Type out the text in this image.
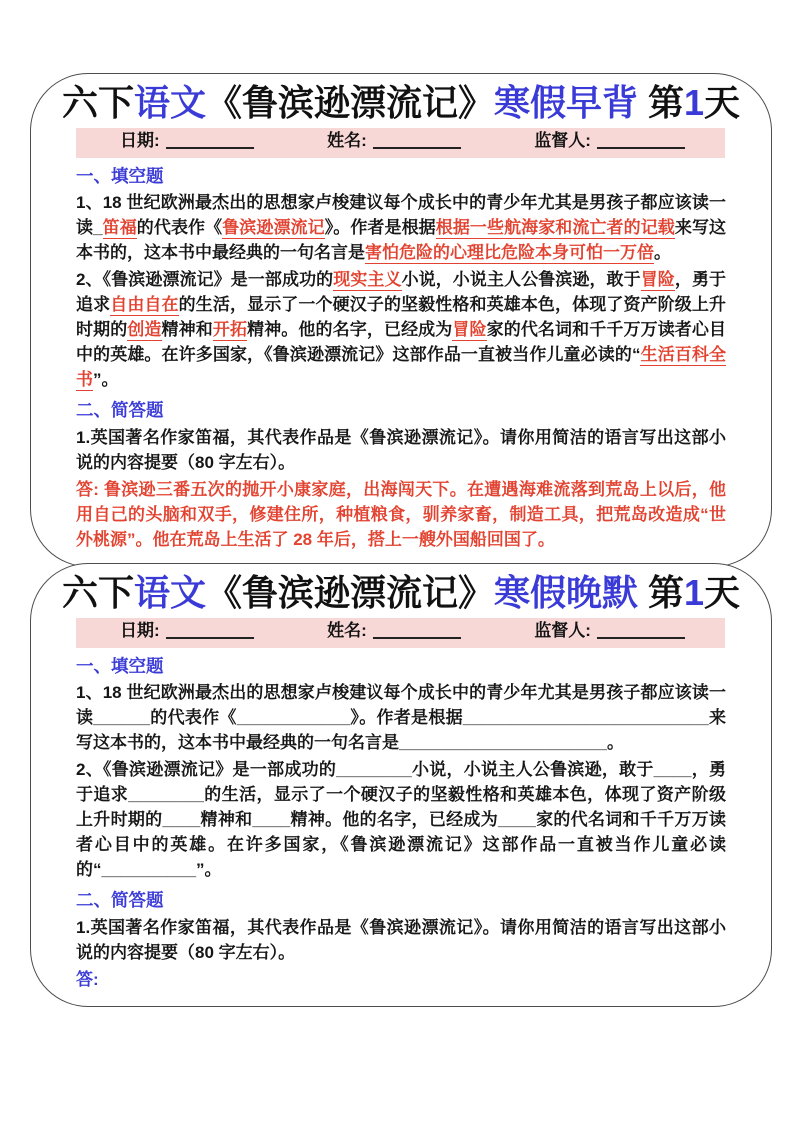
六下语文《鲁滨逊漂流记》寒假早背 第1天
日期:	姓名:	监督人:
一、填空题

1、18 世纪欧洲最杰出的思想家卢梭建议每个成长中的青少年尤其是男孩子都应该读一读_笛福的代表作《鲁滨逊漂流记》。作者是根据根据一些航海家和流亡者的记载来写这本书的，这本书中最经典的一句名言是害怕危险的心理比危险本身可怕一万倍。

2、《鲁滨逊漂流记》是一部成功的现实主义小说，小说主人公鲁滨逊，敢于冒险，勇于追求自由自在的生活，显示了一个硬汉子的坚毅性格和英雄本色，体现了资产阶级上升时期的创造精神和开拓精神。他的名字，已经成为冒险家的代名词和千千万万读者心目中的英雄。在许多国家，《鲁滨逊漂流记》这部作品一直被当作儿童必读的“生活百科全书”。

二、简答题

1.英国著名作家笛福，其代表作品是《鲁滨逊漂流记》。请你用简洁的语言写出这部小说的内容提要（80 字左右）。

答: 鲁滨逊三番五次的抛开小康家庭，出海闯天下。在遭遇海难流落到荒岛上以后，他用自己的头脑和双手，修建住所，种植粮食，驯养家畜，制造工具，把荒岛改造成“世外桃源”。他在荒岛上生活了 28 年后，搭上一艘外国船回国了。

六下语文《鲁滨逊漂流记》寒假晚默 第1天
日期:	姓名:	监督人:
一、填空题

1、18 世纪欧洲最杰出的思想家卢梭建议每个成长中的青少年尤其是男孩子都应该读一读______的代表作《____________》。作者是根据__________________________来写这本书的，这本书中最经典的一句名言是______________________。

2、《鲁滨逊漂流记》是一部成功的________小说，小说主人公鲁滨逊，敢于____，勇于追求________的生活，显示了一个硬汉子的坚毅性格和英雄本色，体现了资产阶级上升时期的____精神和____精神。他的名字，已经成为____家的代名词和千千万万读者心目中的英雄。在许多国家，《鲁滨逊漂流记》这部作品一直被当作儿童必读的“__________”。

二、简答题

1.英国著名作家笛福，其代表作品是《鲁滨逊漂流记》。请你用简洁的语言写出这部小说的内容提要（80 字左右）。

答:
